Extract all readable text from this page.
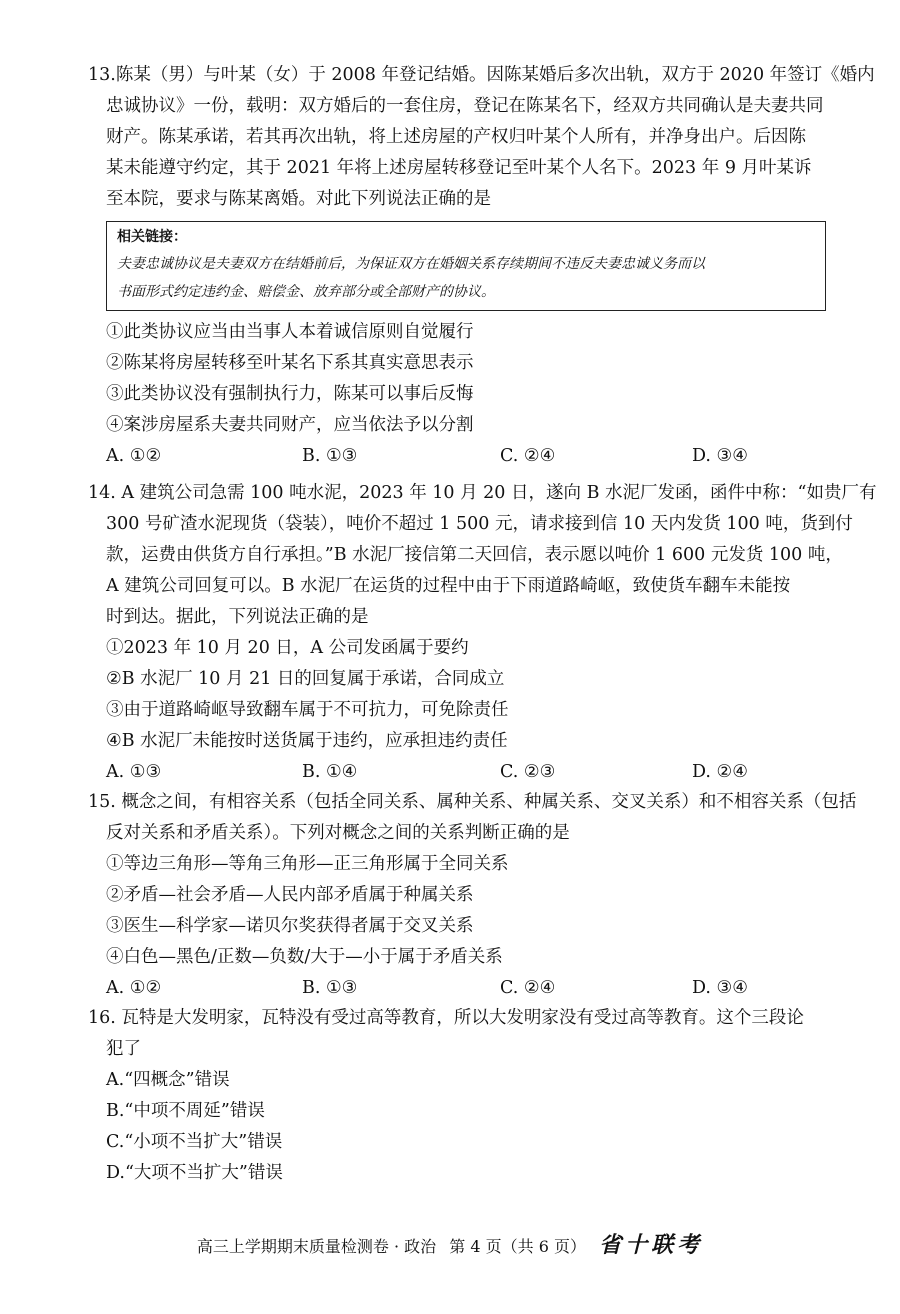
13.陈某（男）与叶某（女）于 2008 年登记结婚。因陈某婚后多次出轨，双方于 2020 年签订《婚内
忠诚协议》一份，载明：双方婚后的一套住房，登记在陈某名下，经双方共同确认是夫妻共同
财产。陈某承诺，若其再次出轨，将上述房屋的产权归叶某个人所有，并净身出户。后因陈
某未能遵守约定，其于 2021 年将上述房屋转移登记至叶某个人名下。2023 年 9 月叶某诉
至本院，要求与陈某离婚。对此下列说法正确的是
相关链接：
夫妻忠诚协议是夫妻双方在结婚前后，为保证双方在婚姻关系存续期间不违反夫妻忠诚义务而以
书面形式约定违约金、赔偿金、放弃部分或全部财产的协议。
①此类协议应当由当事人本着诚信原则自觉履行
②陈某将房屋转移至叶某名下系其真实意思表示
③此类协议没有强制执行力，陈某可以事后反悔
④案涉房屋系夫妻共同财产，应当依法予以分割
A. ①②	B. ①③	C. ②④	D. ③④
14. A 建筑公司急需 100 吨水泥，2023 年 10 月 20 日，遂向 B 水泥厂发函，函件中称：“如贵厂有
300 号矿渣水泥现货（袋装），吨价不超过 1 500 元，请求接到信 10 天内发货 100 吨，货到付
款，运费由供货方自行承担。”B 水泥厂接信第二天回信，表示愿以吨价 1 600 元发货 100 吨，
A 建筑公司回复可以。B 水泥厂在运货的过程中由于下雨道路崎岖，致使货车翻车未能按
时到达。据此，下列说法正确的是
①2023 年 10 月 20 日，A 公司发函属于要约
②B 水泥厂 10 月 21 日的回复属于承诺，合同成立
③由于道路崎岖导致翻车属于不可抗力，可免除责任
④B 水泥厂未能按时送货属于违约，应承担违约责任
A. ①③	B. ①④	C. ②③	D. ②④
15. 概念之间，有相容关系（包括全同关系、属种关系、种属关系、交叉关系）和不相容关系（包括
反对关系和矛盾关系）。下列对概念之间的关系判断正确的是
①等边三角形—等角三角形—正三角形属于全同关系
②矛盾—社会矛盾—人民内部矛盾属于种属关系
③医生—科学家—诺贝尔奖获得者属于交叉关系
④白色—黑色/正数—负数/大于—小于属于矛盾关系
A. ①②	B. ①③	C. ②④	D. ③④
16. 瓦特是大发明家，瓦特没有受过高等教育，所以大发明家没有受过高等教育。这个三段论
犯了
A.“四概念”错误
B.“中项不周延”错误
C.“小项不当扩大”错误
D.“大项不当扩大”错误
高三上学期期末质量检测卷 · 政治 第 4 页（共 6 页） 省十联考
